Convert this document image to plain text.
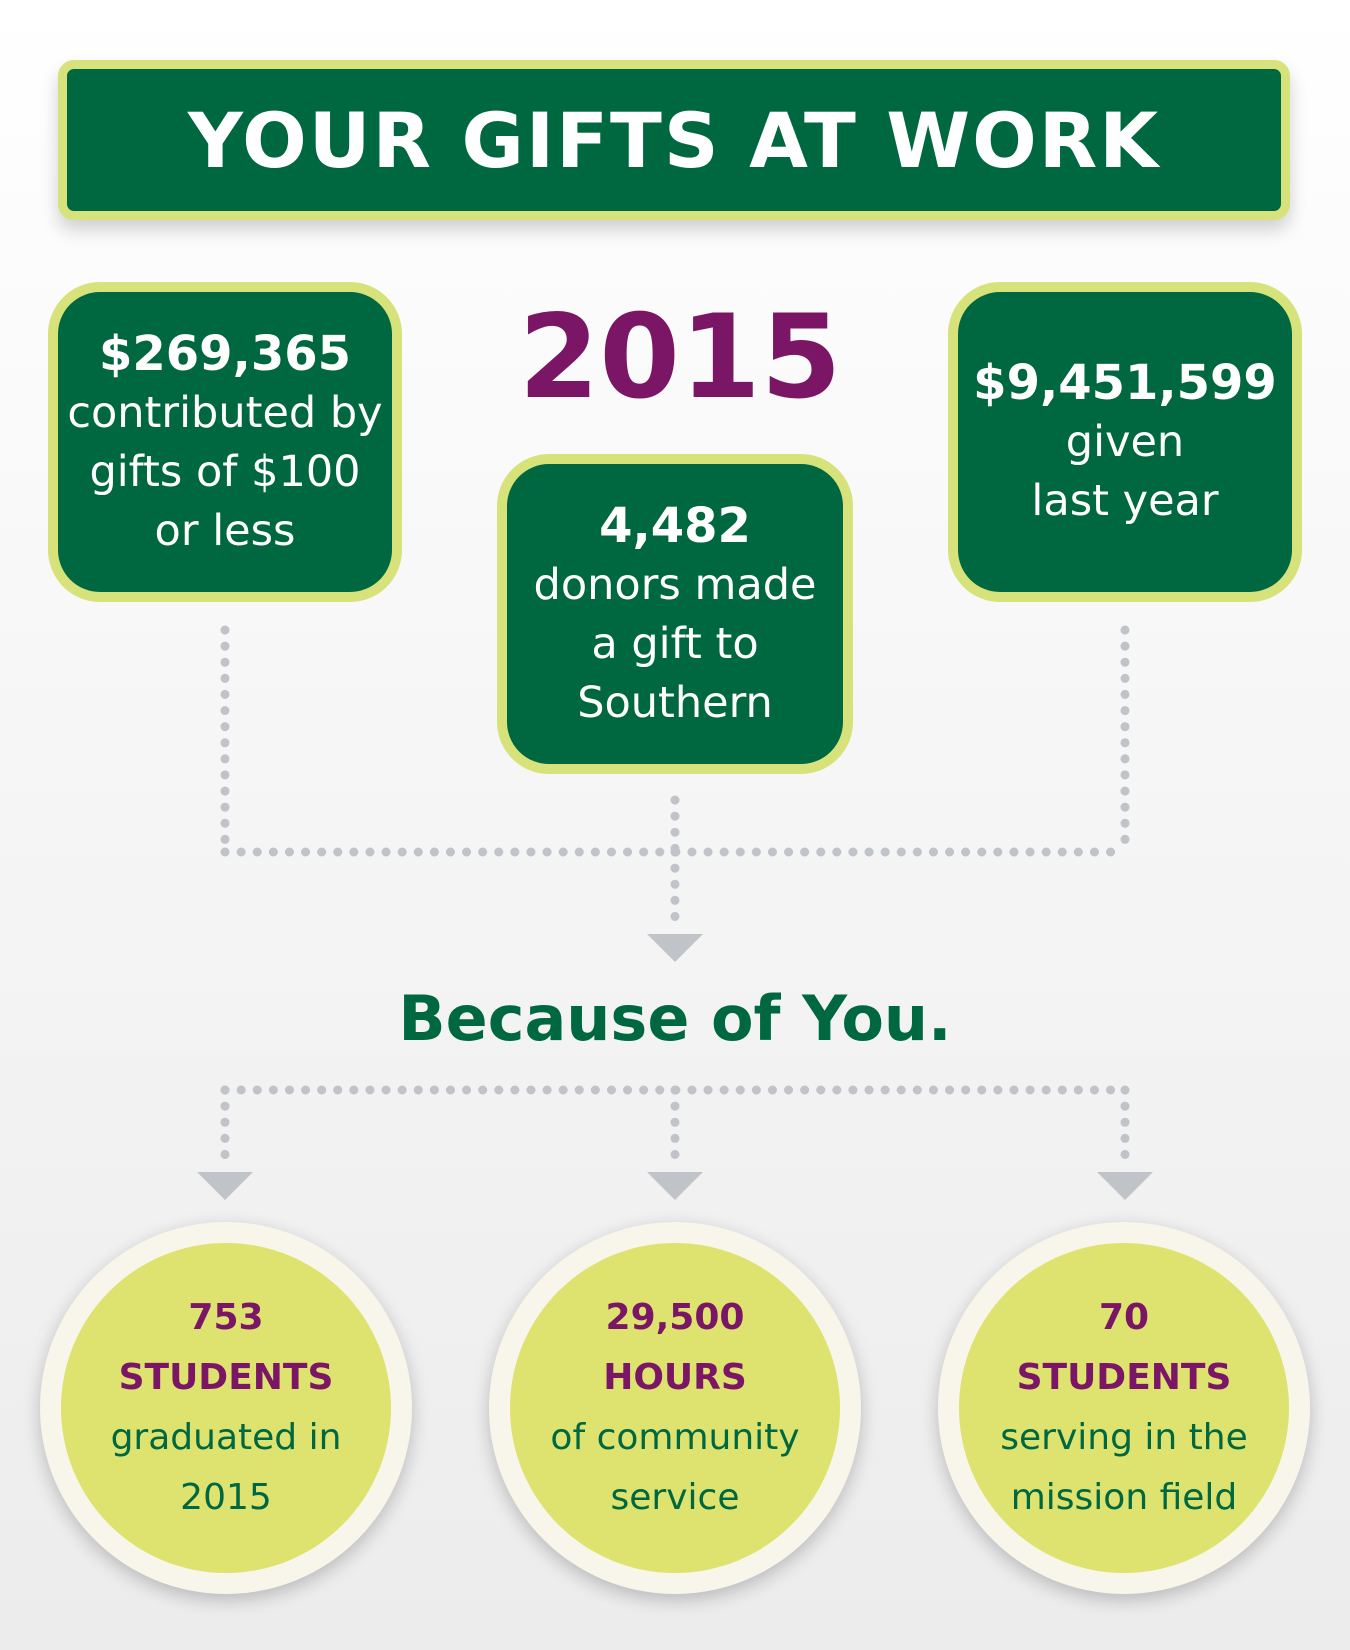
YOUR GIFTS AT WORK
2015
$269,365
contributed by
gifts of $100
or less	4,482
donors made
a gift to
Southern
$9,451,599
given
last year
Because of You.
753
STUDENTS
graduated in
2015
29,500
HOURS
of community
service
70
STUDENTS
serving in the
mission field
